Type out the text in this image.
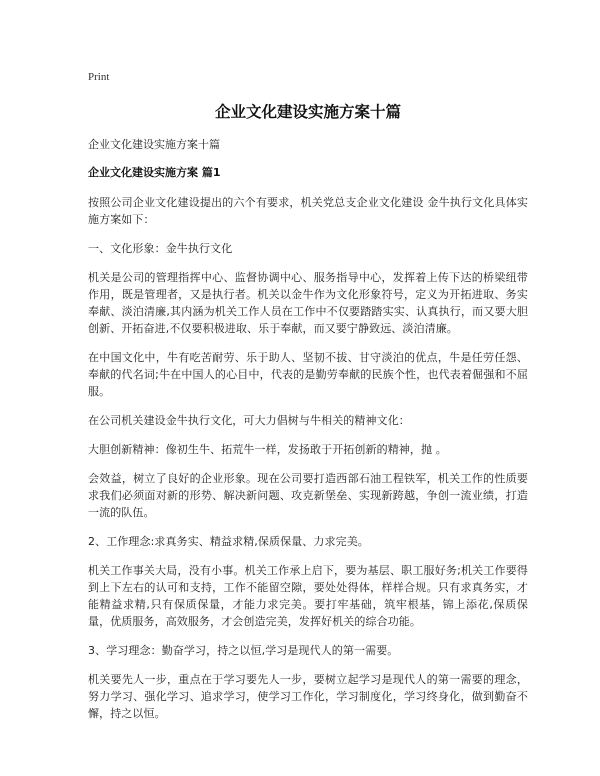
Print
企业文化建设实施方案十篇
企业文化建设实施方案十篇
企业文化建设实施方案 篇1

按照公司企业文化建设提出的六个有要求，机关党总支企业文化建设 金牛执行文化具体实施方案如下：

一、文化形象：金牛执行文化

机关是公司的管理指挥中心、监督协调中心、服务指导中心，发挥着上传下达的桥梁纽带作用，既是管理者，又是执行者。机关以金牛作为文化形象符号，定义为开拓进取、务实奉献、淡泊清廉,其内涵为机关工作人员在工作中不仅要踏踏实实、认真执行，而又要大胆创新、开拓奋进,不仅要积极进取、乐于奉献，而又要宁静致远、淡泊清廉。

在中国文化中，牛有吃苦耐劳、乐于助人、坚韧不拔、甘守淡泊的优点，牛是任劳任怨、奉献的代名词;牛在中国人的心目中，代表的是勤劳奉献的民族个性，也代表着倔强和不屈服。

在公司机关建设金牛执行文化，可大力倡树与牛相关的精神文化：

大胆创新精神：像初生牛、拓荒牛一样，发扬敢于开拓创新的精神，抛 。

会效益，树立了良好的企业形象。现在公司要打造西部石油工程铁军，机关工作的性质要求我们必须面对新的形势、解决新问题、攻克新堡垒、实现新跨越，争创一流业绩，打造一流的队伍。

2、工作理念:求真务实、精益求精,保质保量、力求完美。

机关工作事关大局，没有小事。机关工作承上启下，要为基层、职工服好务;机关工作要得到上下左右的认可和支持，工作不能留空隙，要处处得体，样样合规。只有求真务实，才能精益求精,只有保质保量，才能力求完美。要打牢基础，筑牢根基，锦上添花,保质保量，优质服务，高效服务，才会创造完美，发挥好机关的综合功能。

3、学习理念：勤奋学习，持之以恒,学习是现代人的第一需要。

机关要先人一步，重点在于学习要先人一步，要树立起学习是现代人的第一需要的理念，努力学习、强化学习、追求学习，使学习工作化，学习制度化，学习终身化，做到勤奋不懈，持之以恒。
